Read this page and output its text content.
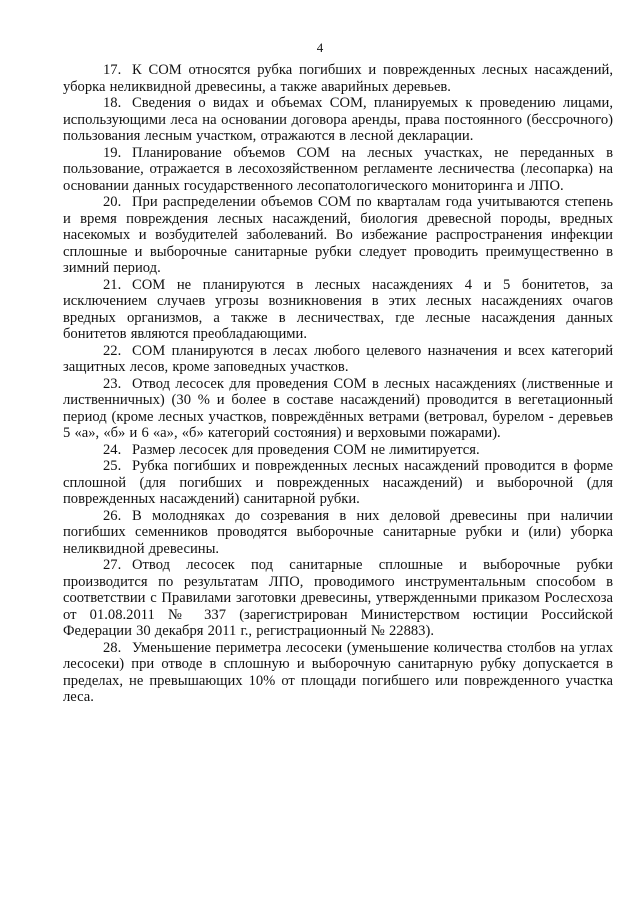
4

17. К СОМ относятся рубка погибших и поврежденных лесных насаждений, уборка неликвидной древесины, а также аварийных деревьев.

18. Сведения о видах и объемах СОМ, планируемых к проведению лицами, использующими леса на основании договора аренды, права постоянного (бессрочного) пользования лесным участком, отражаются в лесной декларации.

19. Планирование объемов СОМ на лесных участках, не переданных в пользование, отражается в лесохозяйственном регламенте лесничества (лесопарка) на основании данных государственного лесопатологического мониторинга и ЛПО.

20. При распределении объемов СОМ по кварталам года учитываются степень и время повреждения лесных насаждений, биология древесной породы, вредных насекомых и возбудителей заболеваний. Во избежание распространения инфекции сплошные и выборочные санитарные рубки следует проводить преимущественно в зимний период.

21. СОМ не планируются в лесных насаждениях 4 и 5 бонитетов, за исключением случаев угрозы возникновения в этих лесных насаждениях очагов вредных организмов, а также в лесничествах, где лесные насаждения данных бонитетов являются преобладающими.

22. СОМ планируются в лесах любого целевого назначения и всех категорий защитных лесов, кроме заповедных участков.

23. Отвод лесосек для проведения СОМ в лесных насаждениях (лиственные и лиственничных) (30 % и более в составе насаждений) проводится в вегетационный период (кроме лесных участков, повреждённых ветрами (ветровал, бурелом - деревьев 5 «а», «б» и 6 «а», «б» категорий состояния) и верховыми пожарами).

24. Размер лесосек для проведения СОМ не лимитируется.

25. Рубка погибших и поврежденных лесных насаждений проводится в форме сплошной (для погибших и поврежденных насаждений) и выборочной (для поврежденных насаждений) санитарной рубки.

26. В молодняках до созревания в них деловой древесины при наличии погибших семенников проводятся выборочные санитарные рубки и (или) уборка неликвидной древесины.

27. Отвод лесосек под санитарные сплошные и выборочные рубки производится по результатам ЛПО, проводимого инструментальным способом в соответствии с Правилами заготовки древесины, утвержденными приказом Рослесхоза от 01.08.2011 № 337 (зарегистрирован Министерством юстиции Российской Федерации 30 декабря 2011 г., регистрационный № 22883).

28. Уменьшение периметра лесосеки (уменьшение количества столбов на углах лесосеки) при отводе в сплошную и выборочную санитарную рубку допускается в пределах, не превышающих 10% от площади погибшего или поврежденного участка леса.
